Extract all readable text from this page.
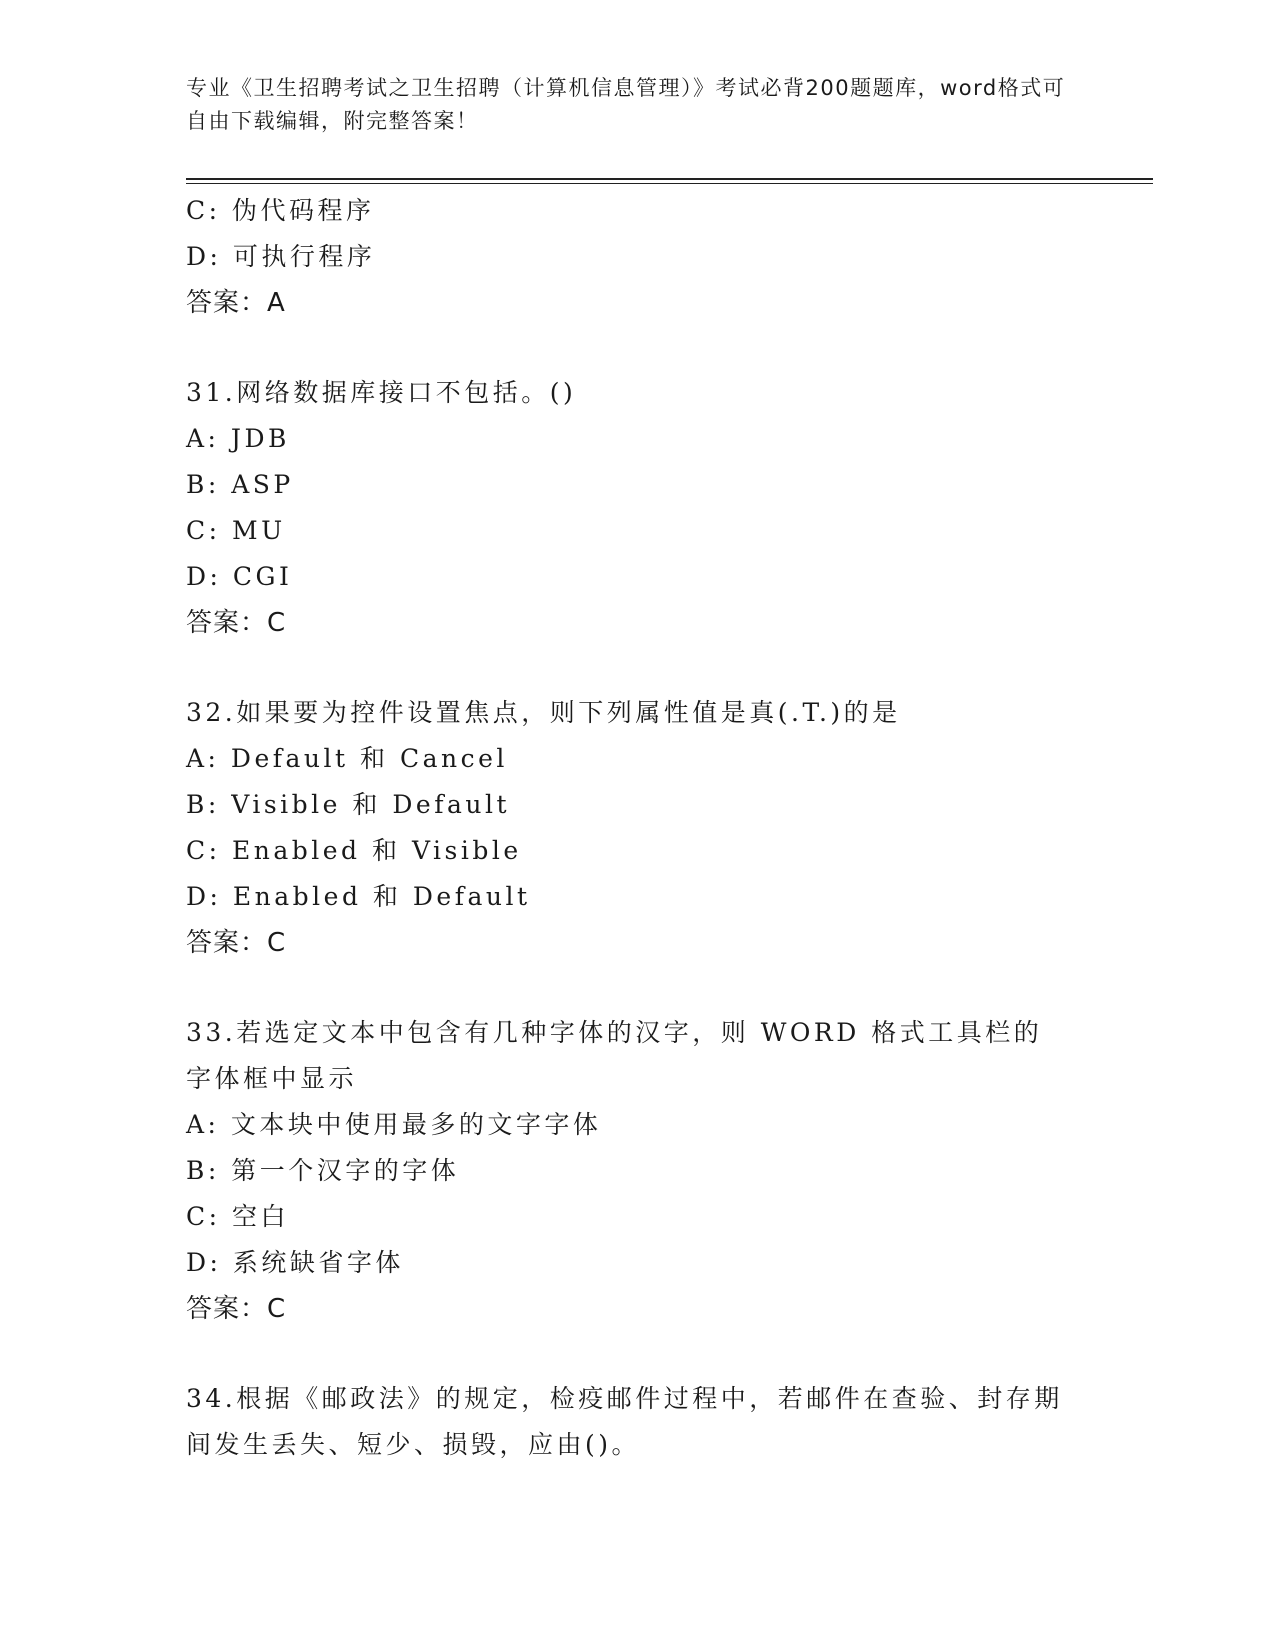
专业《卫生招聘考试之卫生招聘（计算机信息管理）》考试必背200题题库，word格式可自由下载编辑，附完整答案！
C: 伪代码程序
D: 可执行程序
答案：A
31.网络数据库接口不包括。()
A: JDB
B: ASP
C: MU
D: CGI
答案：C
32.如果要为控件设置焦点，则下列属性值是真(.T.)的是
A: Default 和 Cancel
B: Visible 和 Default
C: Enabled 和 Visible
D: Enabled 和 Default
答案：C
33.若选定文本中包含有几种字体的汉字，则 WORD 格式工具栏的字体框中显示
A: 文本块中使用最多的文字字体
B: 第一个汉字的字体
C: 空白
D: 系统缺省字体
答案：C
34.根据《邮政法》的规定，检疫邮件过程中，若邮件在查验、封存期间发生丢失、短少、损毁，应由()。
